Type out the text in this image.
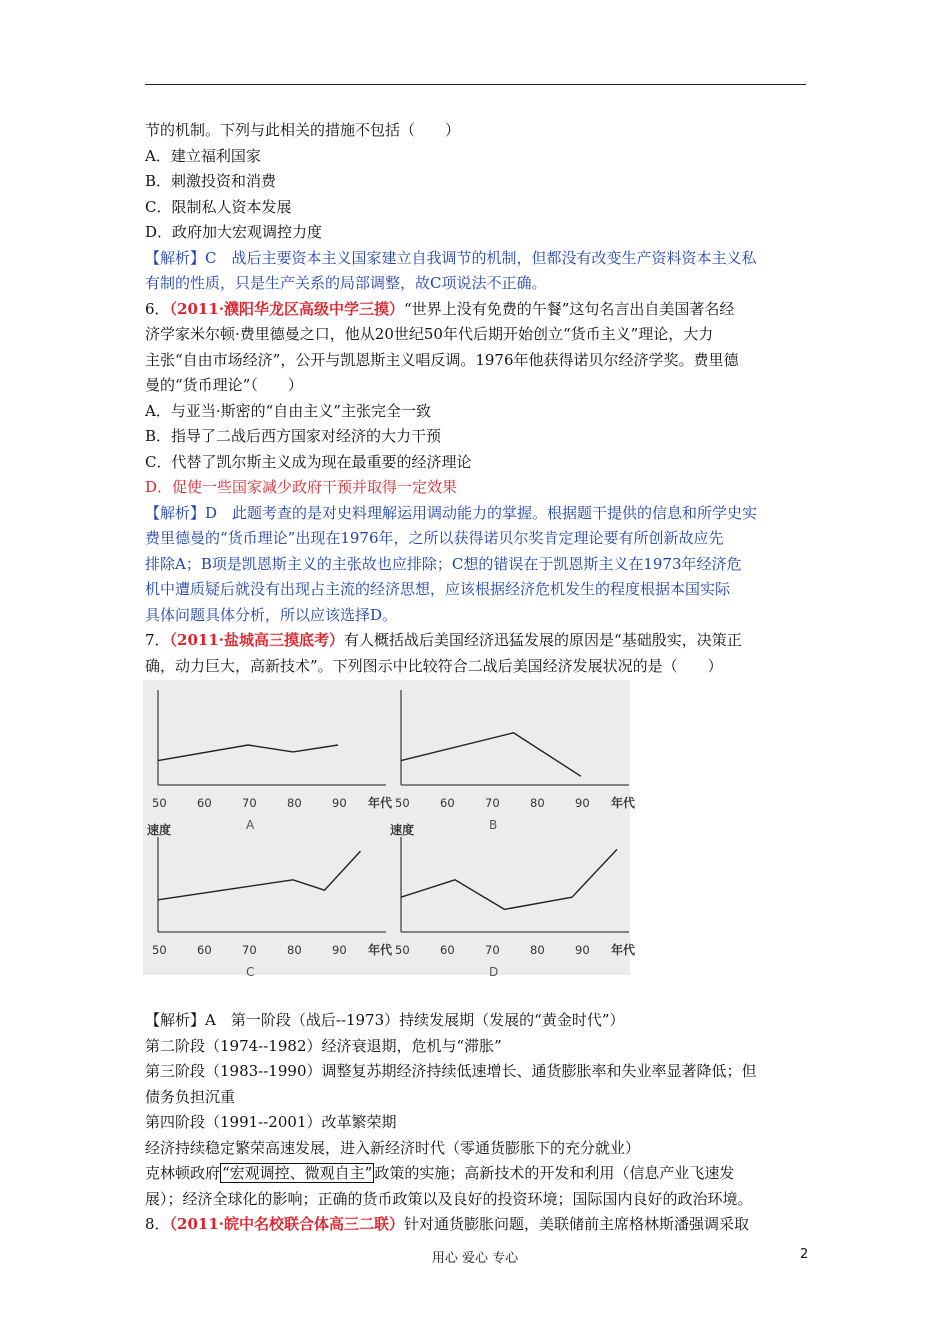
节的机制。下列与此相关的措施不包括（　　）
A．建立福利国家
B．刺激投资和消费
C．限制私人资本发展
D．政府加大宏观调控力度
【解析】C　战后主要资本主义国家建立自我调节的机制，但都没有改变生产资料资本主义私
有制的性质，只是生产关系的局部调整，故C项说法不正确。
6．（2011·濮阳华龙区高级中学三摸）“世界上没有免费的午餐”这句名言出自美国著名经
济学家米尔顿·费里德曼之口，他从20世纪50年代后期开始创立“货币主义”理论，大力
主张“自由市场经济”，公开与凯恩斯主义唱反调。1976年他获得诺贝尔经济学奖。费里德
曼的“货币理论”（　　）
A．与亚当·斯密的“自由主义”主张完全一致
B．指导了二战后西方国家对经济的大力干预
C．代替了凯尔斯主义成为现在最重要的经济理论
D．促使一些国家减少政府干预并取得一定效果
【解析】D　此题考查的是对史料理解运用调动能力的掌握。根据题干提供的信息和所学史实
费里德曼的“货币理论”出现在1976年，之所以获得诺贝尔奖肯定理论要有所创新故应先
排除A；B项是凯恩斯主义的主张故也应排除；C想的错误在于凯恩斯主义在1973年经济危
机中遭质疑后就没有出现占主流的经济思想，应该根据经济危机发生的程度根据本国实际
具体问题具体分析，所以应该选择D。
7．（2011·盐城高三摸底考）有人概括战后美国经济迅猛发展的原因是“基础殷实，决策正
确，动力巨大，高新技术”。下列图示中比较符合二战后美国经济发展状况的是（　　）
50	60	70	80	90 年代
A
50	60	70	80	90 年代
B
速度
50	60	70	80	90 年代
C
速度
50	60	70	80	90 年代
D
【解析】A　第一阶段（战后--1973）持续发展期（发展的“黄金时代”）
第二阶段（1974--1982）经济衰退期，危机与“滞胀”
第三阶段（1983--1990）调整复苏期经济持续低速增长、通货膨胀率和失业率显著降低；但
债务负担沉重
第四阶段（1991--2001）改革繁荣期
经济持续稳定繁荣高速发展，进入新经济时代（零通货膨胀下的充分就业）
克林顿政府 “宏观调控、微观自主” 政策的实施；高新技术的开发和利用（信息产业飞速发
展）；经济全球化的影响；正确的货币政策以及良好的投资环境；国际国内良好的政治环境。
8．（2011·皖中名校联合体高三二联）针对通货膨胀问题，美联储前主席格林斯潘强调采取
用心 爱心 专心	2
